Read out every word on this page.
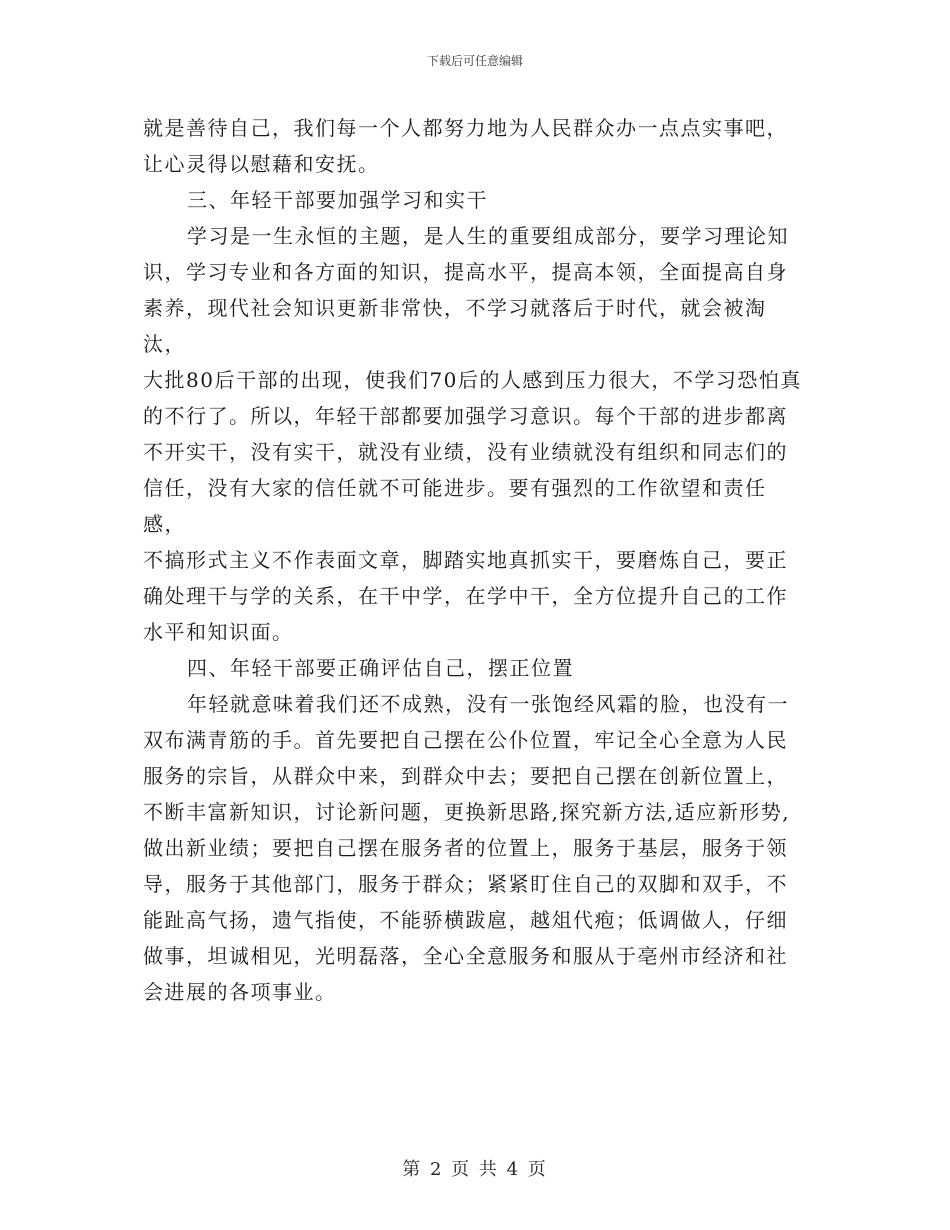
下载后可任意编辑

就是善待自己，我们每一个人都努力地为人民群众办一点点实事吧，
让心灵得以慰藉和安抚。

三、年轻干部要加强学习和实干

学习是一生永恒的主题，是人生的重要组成部分，要学习理论知
识，学习专业和各方面的知识，提高水平，提高本领，全面提高自身
素养，现代社会知识更新非常快，不学习就落后于时代，就会被淘汰，
大批80后干部的出现，使我们70后的人感到压力很大，不学习恐怕真
的不行了。所以，年轻干部都要加强学习意识。每个干部的进步都离
不开实干，没有实干，就没有业绩，没有业绩就没有组织和同志们的
信任，没有大家的信任就不可能进步。要有强烈的工作欲望和责任感，
不搞形式主义不作表面文章，脚踏实地真抓实干，要磨炼自己，要正
确处理干与学的关系，在干中学，在学中干，全方位提升自己的工作
水平和知识面。

四、年轻干部要正确评估自己，摆正位置

年轻就意味着我们还不成熟，没有一张饱经风霜的脸，也没有一
双布满青筋的手。首先要把自己摆在公仆位置，牢记全心全意为人民
服务的宗旨，从群众中来，到群众中去；要把自己摆在创新位置上，
不断丰富新知识，讨论新问题，更换新思路,探究新方法,适应新形势,
做出新业绩；要把自己摆在服务者的位置上，服务于基层，服务于领
导，服务于其他部门，服务于群众；紧紧盯住自己的双脚和双手，不
能趾高气扬，遗气指使，不能骄横跋扈，越俎代疱；低调做人，仔细
做事，坦诚相见，光明磊落，全心全意服务和服从于亳州市经济和社
会进展的各项事业。

第 2 页 共 4 页
